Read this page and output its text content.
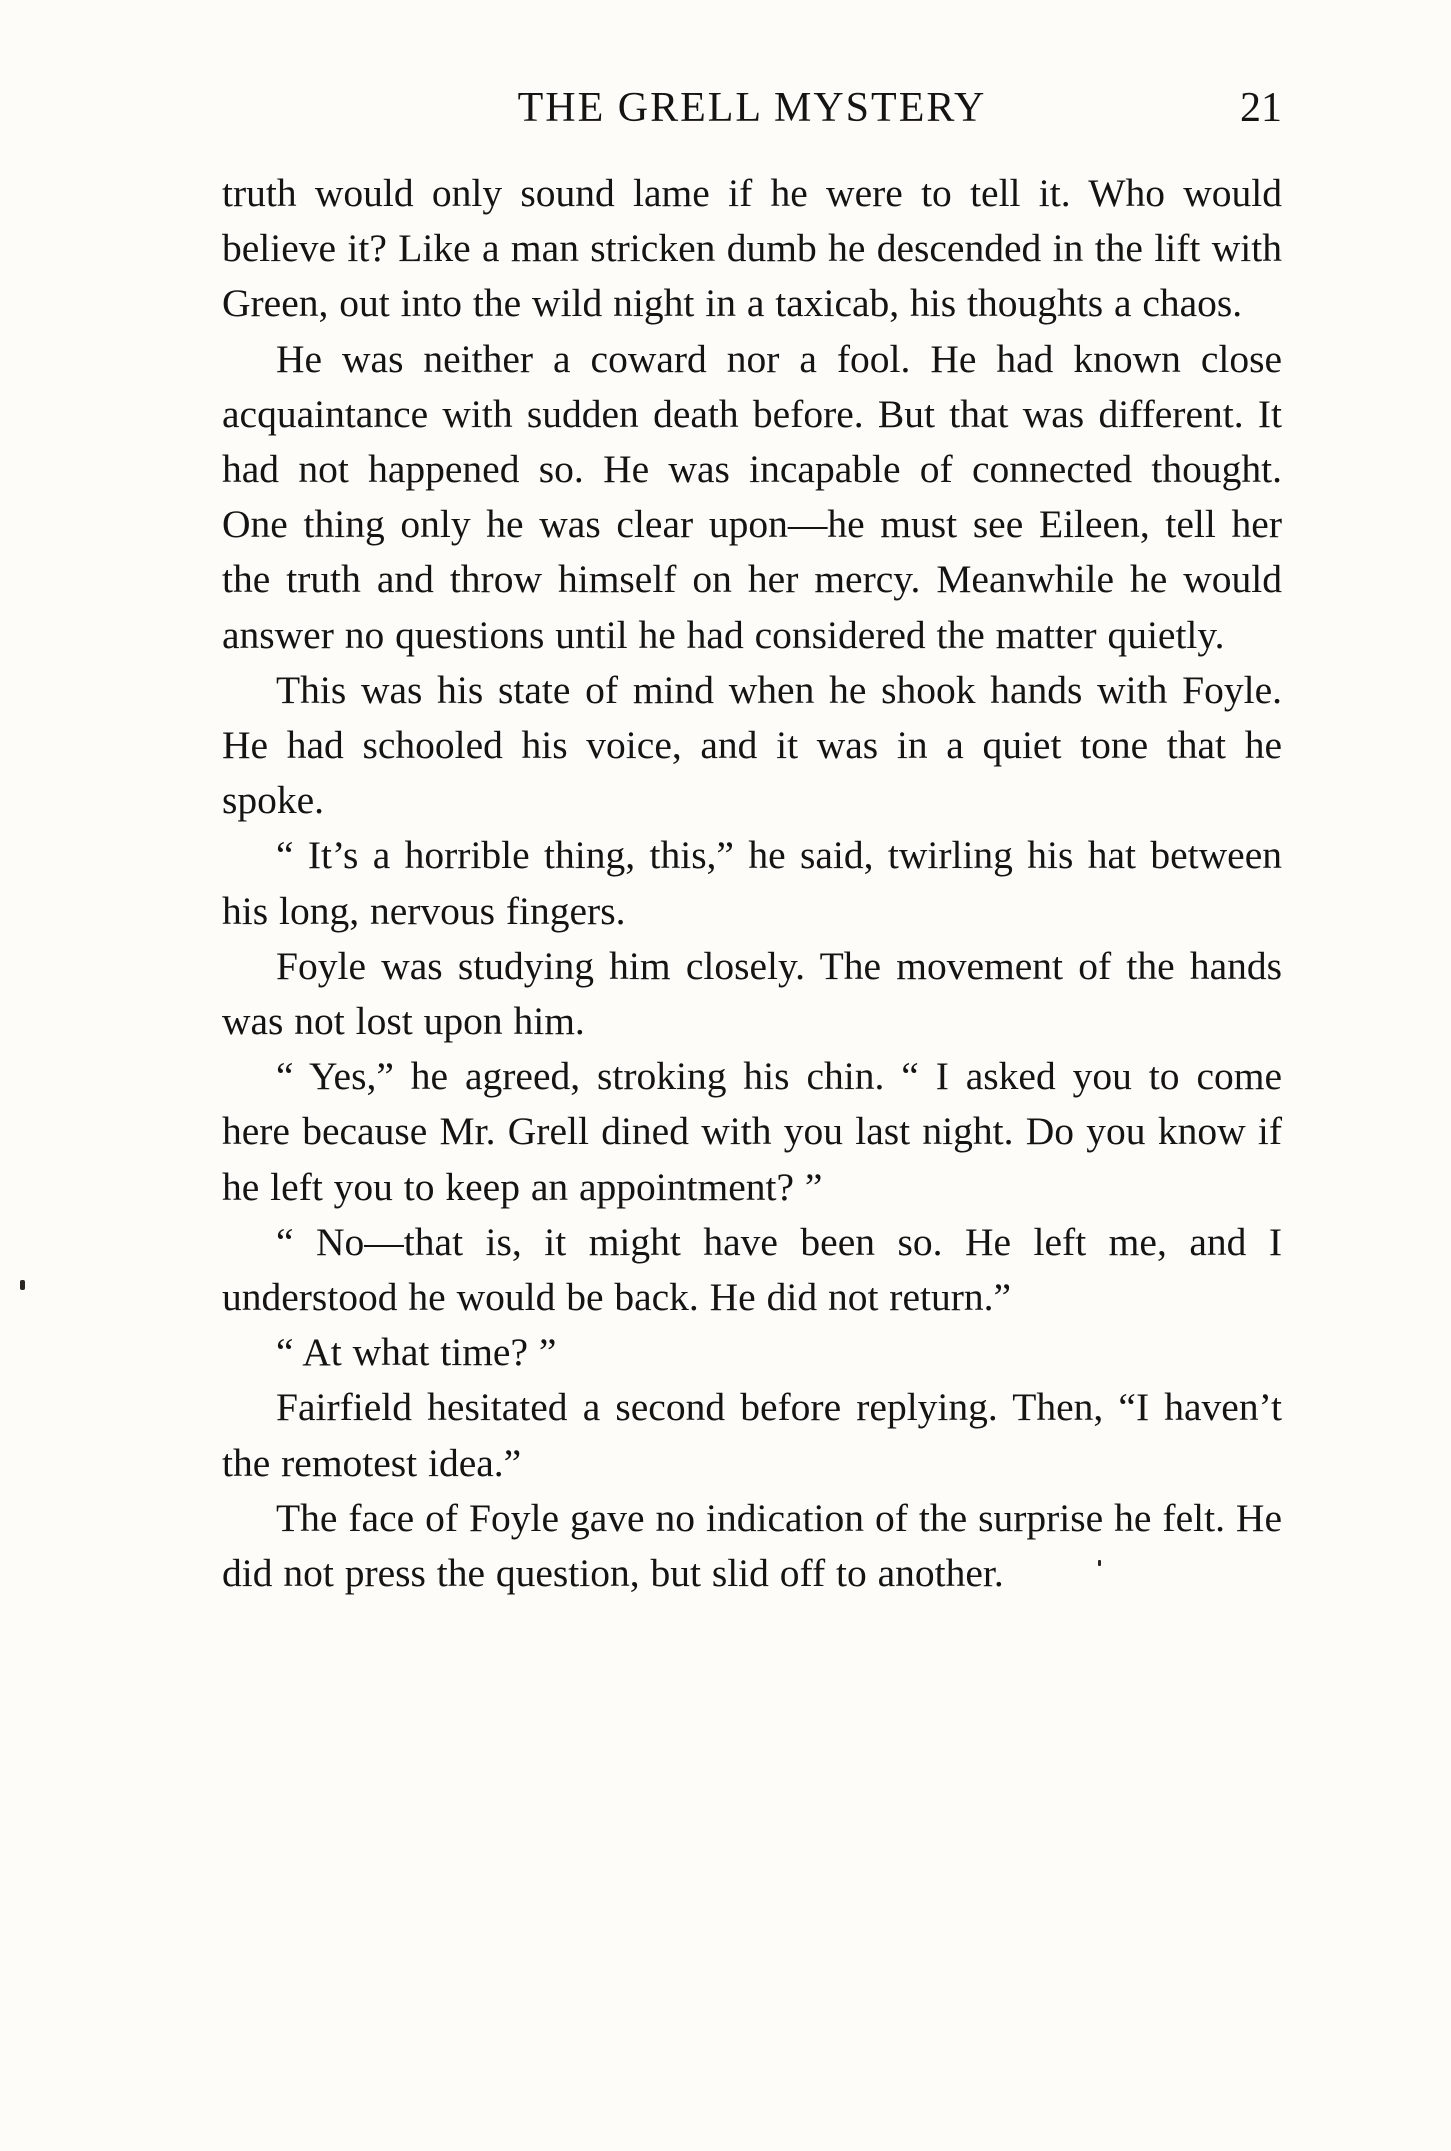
THE GRELL MYSTERY	21

truth would only sound lame if he were to tell it. Who would believe it? Like a man stricken dumb he descended in the lift with Green, out into the wild night in a taxicab, his thoughts a chaos.

He was neither a coward nor a fool. He had known close acquaintance with sudden death before. But that was different. It had not happened so. He was incapable of connected thought. One thing only he was clear upon—he must see Eileen, tell her the truth and throw himself on her mercy. Meanwhile he would answer no questions until he had considered the matter quietly.

This was his state of mind when he shook hands with Foyle. He had schooled his voice, and it was in a quiet tone that he spoke.

“ It’s a horrible thing, this,” he said, twirling his hat between his long, nervous fingers.

Foyle was studying him closely. The movement of the hands was not lost upon him.

“ Yes,” he agreed, stroking his chin. “ I asked you to come here because Mr. Grell dined with you last night. Do you know if he left you to keep an appointment? ”

“ No—that is, it might have been so. He left me, and I understood he would be back. He did not return.”

“ At what time? ”

Fairfield hesitated a second before replying. Then, “I haven’t the remotest idea.”

The face of Foyle gave no indication of the surprise he felt. He did not press the question, but slid off to another.
